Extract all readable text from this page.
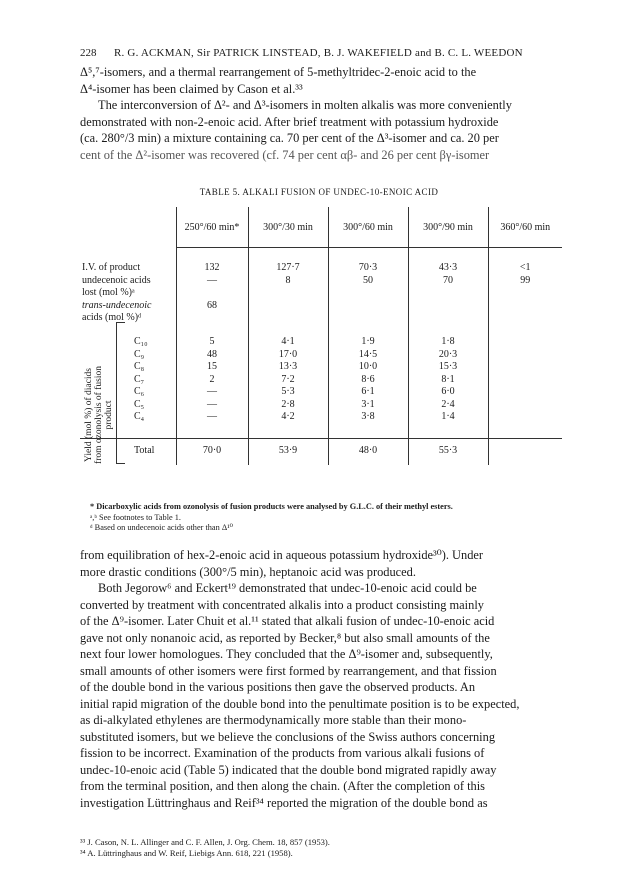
228 R. G. ACKMAN, Sir PATRICK LINSTEAD, B. J. WAKEFIELD and B. C. L. WEEDON

Δ⁵,⁷-isomers, and a thermal rearrangement of 5-methyltridec-2-enoic acid to the

Δ⁴-isomer has been claimed by Cason et al.³³

The interconversion of Δ²- and Δ³-isomers in molten alkalis was more conveniently

demonstrated with non-2-enoic acid. After brief treatment with potassium hydroxide

(ca. 280°/3 min) a mixture containing ca. 70 per cent of the Δ³-isomer and ca. 20 per

cent of the Δ²-isomer was recovered (cf. 74 per cent αβ- and 26 per cent βγ-isomer

TABLE 5. ALKALI FUSION OF UNDEC-10-ENOIC ACID
	250°/60 min*	300°/30 min	300°/60 min	300°/90 min	360°/60 min

I.V. of product	132	127·7	70·3	43·3	<1
undecenoic acids	—	8	50	70	99
lost (mol %)ᵃ					
trans-undecenoic	68				
acids (mol %)ᵈ					
C₁₀	5	4·1	1·9	1·8	
C₉	48	17·0	14·5	20·3	
C₈	15	13·3	10·0	15·3	
C₇	2	7·2	8·6	8·1	
C₆	—	5·3	6·1	6·0	
C₅	—	2·8	3·1	2·4	
C₄	—	4·2	3·8	1·4	

Total	70·0	53·9	48·0	55·3	
Yield (mol %) of diacids from ozonolysis of fusion product
* Dicarboxylic acids from ozonolysis of fusion products were analysed by G.L.C. of their methyl esters.
ᵃ,ᵇ See footnotes to Table 1.
ᵈ Based on undecenoic acids other than Δ¹⁰

from equilibration of hex-2-enoic acid in aqueous potassium hydroxide³⁰). Under

more drastic conditions (300°/5 min), heptanoic acid was produced.

Both Jegorow⁶ and Eckert¹⁹ demonstrated that undec-10-enoic acid could be

converted by treatment with concentrated alkalis into a product consisting mainly

of the Δ⁹-isomer. Later Chuit et al.¹¹ stated that alkali fusion of undec-10-enoic acid

gave not only nonanoic acid, as reported by Becker,⁸ but also small amounts of the

next four lower homologues. They concluded that the Δ⁹-isomer and, subsequently,

small amounts of other isomers were first formed by rearrangement, and that fission

of the double bond in the various positions then gave the observed products. An

initial rapid migration of the double bond into the penultimate position is to be expected,

as di-alkylated ethylenes are thermodynamically more stable than their mono-

substituted isomers, but we believe the conclusions of the Swiss authors concerning

fission to be incorrect. Examination of the products from various alkali fusions of

undec-10-enoic acid (Table 5) indicated that the double bond migrated rapidly away

from the terminal position, and then along the chain. (After the completion of this

investigation Lüttringhaus and Reif³⁴ reported the migration of the double bond as

³³ J. Cason, N. L. Allinger and C. F. Allen, J. Org. Chem. 18, 857 (1953).
³⁴ A. Lüttringhaus and W. Reif, Liebigs Ann. 618, 221 (1958).
